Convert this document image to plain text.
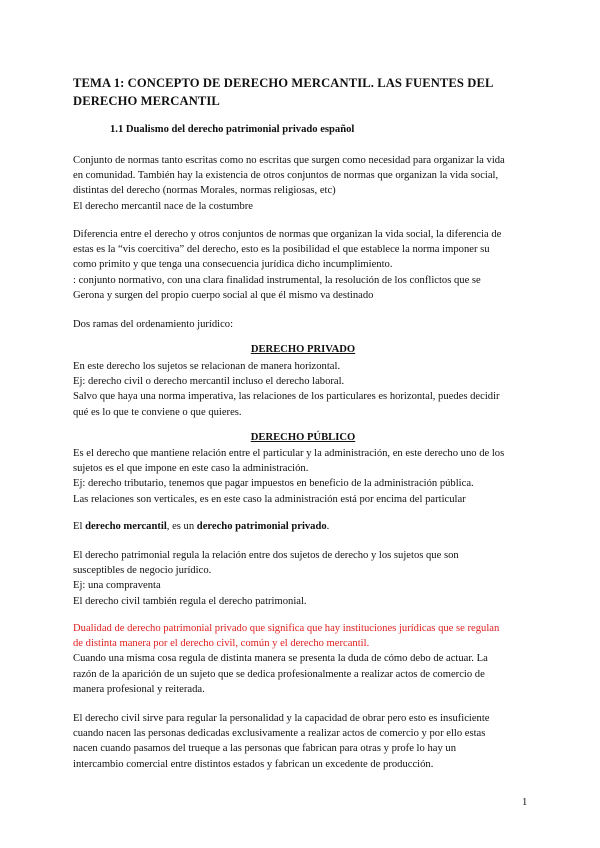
TEMA 1: CONCEPTO DE DERECHO MERCANTIL. LAS FUENTES DEL DERECHO MERCANTIL
1.1 Dualismo del derecho patrimonial privado español
Conjunto de normas tanto escritas como no escritas que surgen como necesidad para organizar la vida
en comunidad. También hay la existencia de otros conjuntos de normas que organizan la vida social,
distintas del derecho (normas Morales, normas religiosas, etc)
El derecho mercantil nace de la costumbre
Diferencia entre el derecho y otros conjuntos de normas que organizan la vida social, la diferencia de
estas es la “vis coercitiva” del derecho, esto es la posibilidad el que establece la norma imponer su
como primito y que tenga una consecuencia jurídica dicho incumplimiento.
: conjunto normativo, con una clara finalidad instrumental, la resolución de los conflictos que se
Gerona y surgen del propio cuerpo social al que él mismo va destinado
Dos ramas del ordenamiento jurídico:
DERECHO PRIVADO
En este derecho los sujetos se relacionan de manera horizontal.
Ej: derecho civil o derecho mercantil incluso el derecho laboral.
Salvo que haya una norma imperativa, las relaciones de los particulares es horizontal, puedes decidir
qué es lo que te conviene o que quieres.
DERECHO PÚBLICO
Es el derecho que mantiene relación entre el particular y la administración, en este derecho uno de los
sujetos es el que impone en este caso la administración.
Ej: derecho tributario, tenemos que pagar impuestos en beneficio de la administración pública.
Las relaciones son verticales, es en este caso la administración está por encima del particular
El derecho mercantil, es un derecho patrimonial privado.
El derecho patrimonial regula la relación entre dos sujetos de derecho y los sujetos que son
susceptibles de negocio jurídico.
Ej: una compraventa
El derecho civil también regula el derecho patrimonial.
Dualidad de derecho patrimonial privado que significa que hay instituciones jurídicas que se regulan
de distinta manera por el derecho civil, común y el derecho mercantil.
Cuando una misma cosa regula de distinta manera se presenta la duda de cómo debo de actuar. La
razón de la aparición de un sujeto que se dedica profesionalmente a realizar actos de comercio de
manera profesional y reiterada.
El derecho civil sirve para regular la personalidad y la capacidad de obrar pero esto es insuficiente
cuando nacen las personas dedicadas exclusivamente a realizar actos de comercio y por ello estas
nacen cuando pasamos del trueque a las personas que fabrican para otras y profe lo hay un
intercambio comercial entre distintos estados y fabrican un excedente de producción.
1
